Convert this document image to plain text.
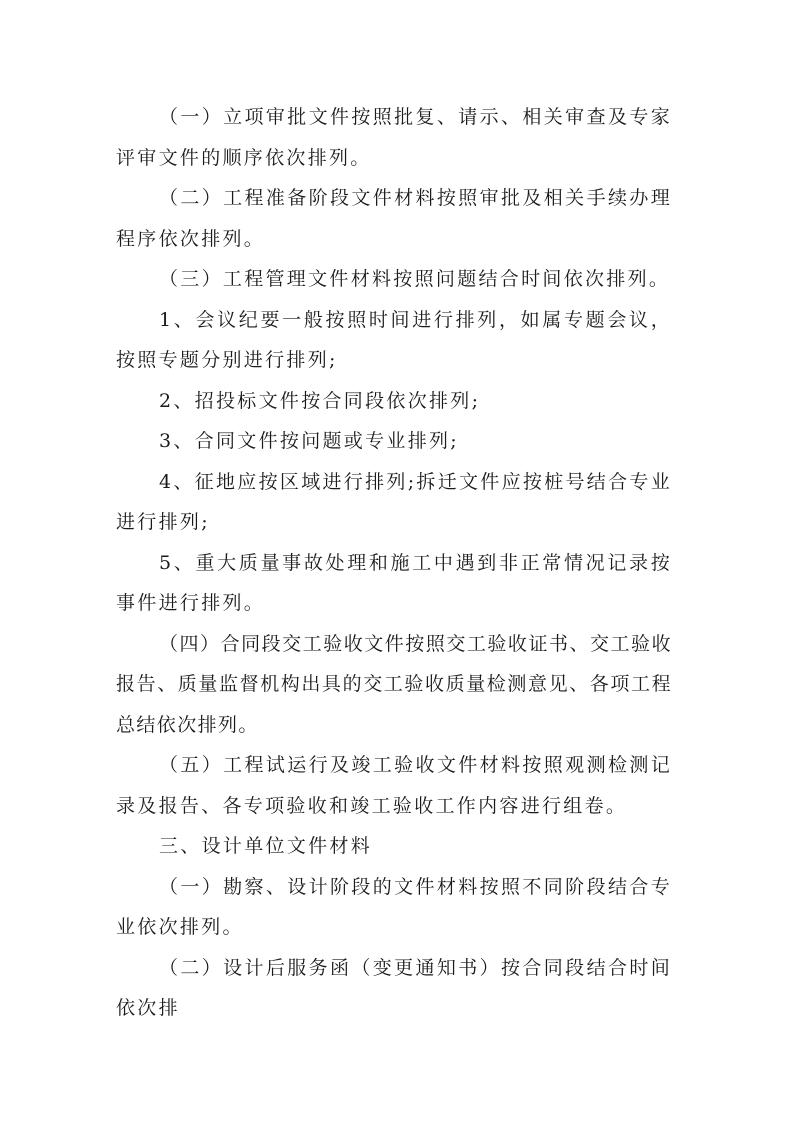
（一）立项审批文件按照批复、请示、相关审查及专家评审文件的顺序依次排列。

（二）工程准备阶段文件材料按照审批及相关手续办理程序依次排列。

（三）工程管理文件材料按照问题结合时间依次排列。

1、会议纪要一般按照时间进行排列，如属专题会议，按照专题分别进行排列;

2、招投标文件按合同段依次排列;

3、合同文件按问题或专业排列;

4、征地应按区域进行排列;拆迁文件应按桩号结合专业进行排列;

5、重大质量事故处理和施工中遇到非正常情况记录按事件进行排列。

（四）合同段交工验收文件按照交工验收证书、交工验收报告、质量监督机构出具的交工验收质量检测意见、各项工程总结依次排列。

（五）工程试运行及竣工验收文件材料按照观测检测记录及报告、各专项验收和竣工验收工作内容进行组卷。

三、设计单位文件材料

（一）勘察、设计阶段的文件材料按照不同阶段结合专业依次排列。

（二）设计后服务函（变更通知书）按合同段结合时间依次排
